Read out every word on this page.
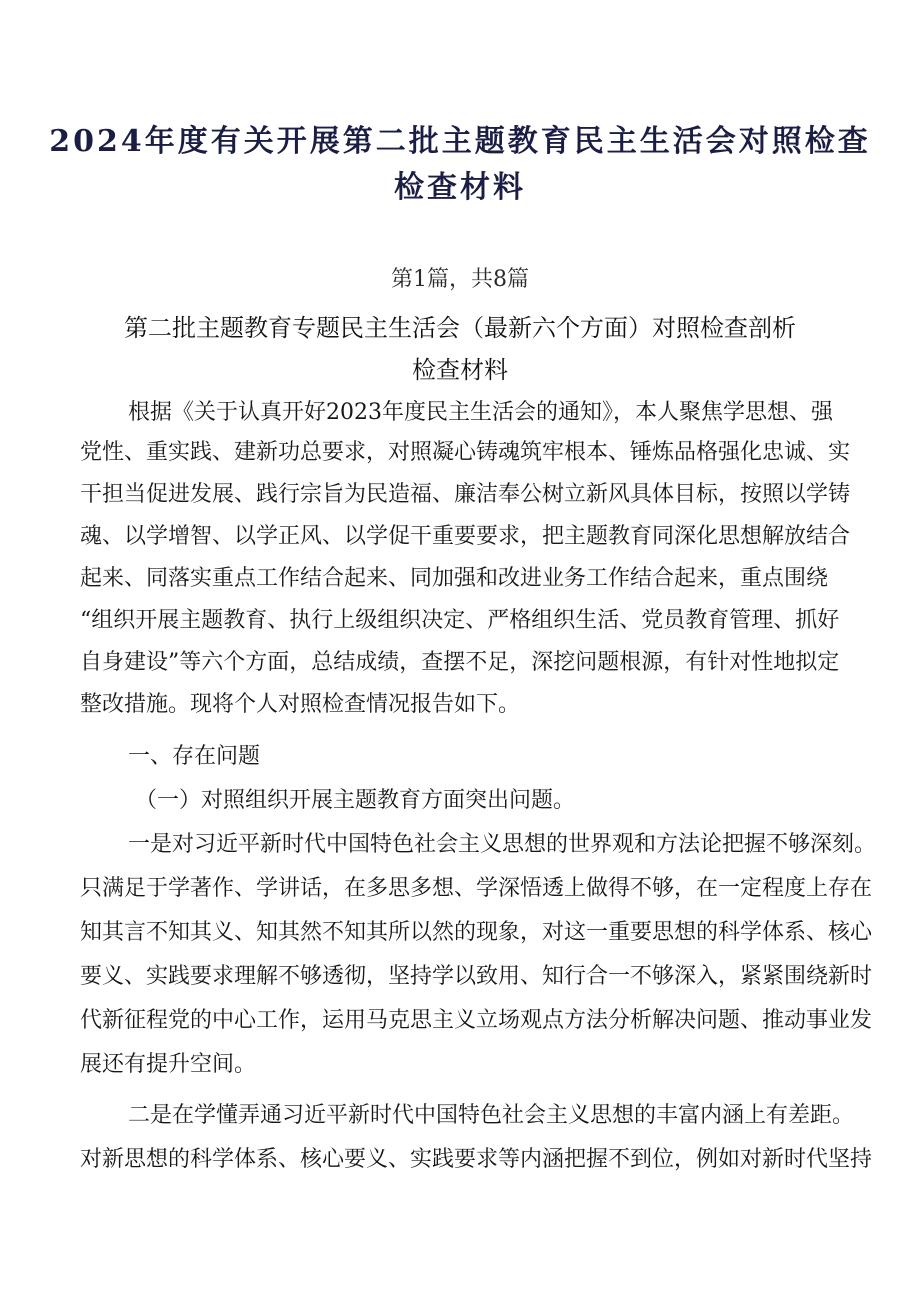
2024年度有关开展第二批主题教育民主生活会对照检查
检查材料
第1篇，共8篇
第二批主题教育专题民主生活会（最新六个方面）对照检查剖析
检查材料
根据《关于认真开好2023年度民主生活会的通知》，本人聚焦学思想、强
党性、重实践、建新功总要求，对照凝心铸魂筑牢根本、锤炼品格强化忠诚、实
干担当促进发展、践行宗旨为民造福、廉洁奉公树立新风具体目标，按照以学铸
魂、以学增智、以学正风、以学促干重要要求，把主题教育同深化思想解放结合
起来、同落实重点工作结合起来、同加强和改进业务工作结合起来，重点围绕
“组织开展主题教育、执行上级组织决定、严格组织生活、党员教育管理、抓好
自身建设”等六个方面，总结成绩，查摆不足，深挖问题根源，有针对性地拟定
整改措施。现将个人对照检查情况报告如下。
一、存在问题
（一）对照组织开展主题教育方面突出问题。
一是对习近平新时代中国特色社会主义思想的世界观和方法论把握不够深刻。
只满足于学著作、学讲话，在多思多想、学深悟透上做得不够，在一定程度上存在
知其言不知其义、知其然不知其所以然的现象，对这一重要思想的科学体系、核心
要义、实践要求理解不够透彻，坚持学以致用、知行合一不够深入，紧紧围绕新时
代新征程党的中心工作，运用马克思主义立场观点方法分析解决问题、推动事业发
展还有提升空间。
二是在学懂弄通习近平新时代中国特色社会主义思想的丰富内涵上有差距。
对新思想的科学体系、核心要义、实践要求等内涵把握不到位，例如对新时代坚持
